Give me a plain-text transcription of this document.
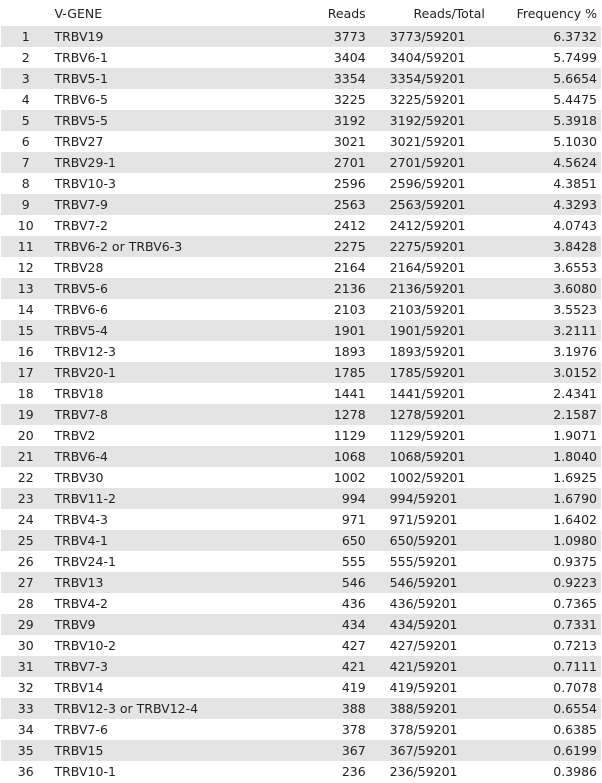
	V-GENE	Reads	Reads/Total	Frequency %
1	TRBV19	3773	3773/59201	6.3732
2	TRBV6-1	3404	3404/59201	5.7499
3	TRBV5-1	3354	3354/59201	5.6654
4	TRBV6-5	3225	3225/59201	5.4475
5	TRBV5-5	3192	3192/59201	5.3918
6	TRBV27	3021	3021/59201	5.1030
7	TRBV29-1	2701	2701/59201	4.5624
8	TRBV10-3	2596	2596/59201	4.3851
9	TRBV7-9	2563	2563/59201	4.3293
10	TRBV7-2	2412	2412/59201	4.0743
11	TRBV6-2 or TRBV6-3	2275	2275/59201	3.8428
12	TRBV28	2164	2164/59201	3.6553
13	TRBV5-6	2136	2136/59201	3.6080
14	TRBV6-6	2103	2103/59201	3.5523
15	TRBV5-4	1901	1901/59201	3.2111
16	TRBV12-3	1893	1893/59201	3.1976
17	TRBV20-1	1785	1785/59201	3.0152
18	TRBV18	1441	1441/59201	2.4341
19	TRBV7-8	1278	1278/59201	2.1587
20	TRBV2	1129	1129/59201	1.9071
21	TRBV6-4	1068	1068/59201	1.8040
22	TRBV30	1002	1002/59201	1.6925
23	TRBV11-2	994	994/59201	1.6790
24	TRBV4-3	971	971/59201	1.6402
25	TRBV4-1	650	650/59201	1.0980
26	TRBV24-1	555	555/59201	0.9375
27	TRBV13	546	546/59201	0.9223
28	TRBV4-2	436	436/59201	0.7365
29	TRBV9	434	434/59201	0.7331
30	TRBV10-2	427	427/59201	0.7213
31	TRBV7-3	421	421/59201	0.7111
32	TRBV14	419	419/59201	0.7078
33	TRBV12-3 or TRBV12-4	388	388/59201	0.6554
34	TRBV7-6	378	378/59201	0.6385
35	TRBV15	367	367/59201	0.6199
36	TRBV10-1	236	236/59201	0.3986
